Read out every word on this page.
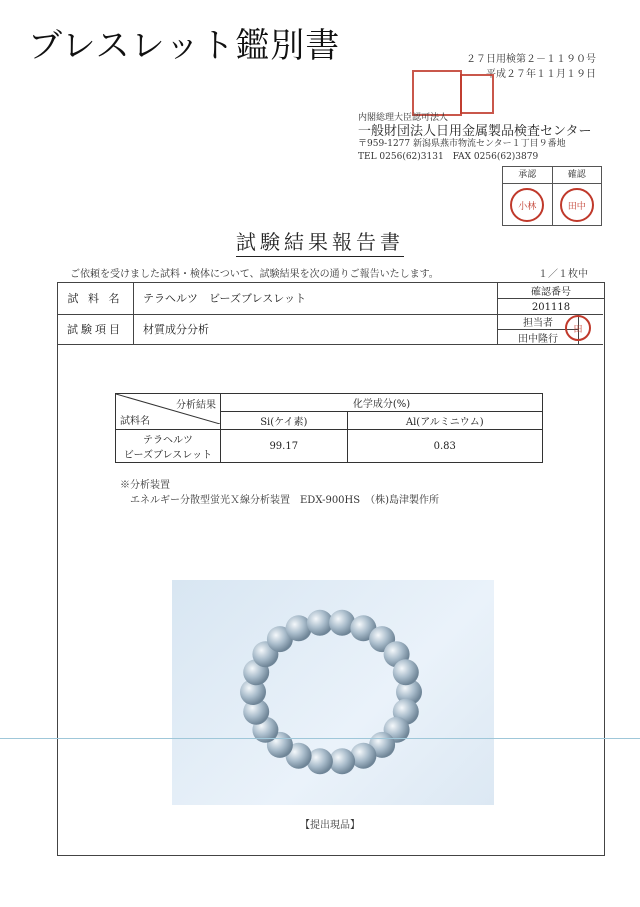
ブレスレット鑑別書	２７日用検第２－１１９０号
平成２７年１１月１９日
内閣総理大臣認可法人
一般財団法人日用金属製品検査センター
〒959-1277 新潟県燕市物流センター１丁目９番地
TEL 0256(62)3131　FAX 0256(62)3879
承認	確認
小林	田中
試験結果報告書
ご依頼を受けました試料・検体について、試験結果を次の通りご報告いたします。	１／１枚中
試 料 名	テラヘルツ　ビーズブレスレット	確認番号
201118
試験項目	材質成分分析	担当者
田中隆行
田
分析結果
試料名	化学成分(%)	
	Si(ケイ素)	Al(アルミニウム)

テラヘルツ
ビーズブレスレット	99.17	0.83
※分析装置
エネルギー分散型蛍光Ｘ線分析装置　EDX-900HS　（株)島津製作所
【提出現品】
